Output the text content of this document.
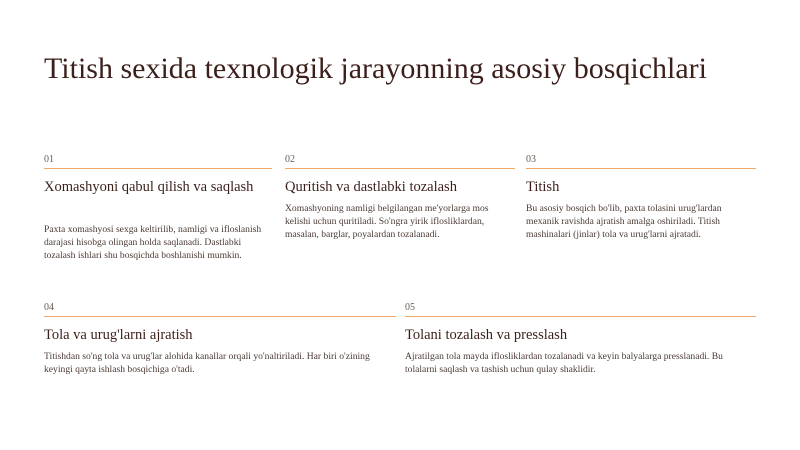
Titish sexida texnologik jarayonning asosiy bosqichlari
01
Xomashyoni qabul qilish va saqlash
Paxta xomashyosi sexga keltirilib, namligi va ifloslanish darajasi hisobga olingan holda saqlanadi. Dastlabki tozalash ishlari shu bosqichda boshlanishi mumkin.
02
Quritish va dastlabki tozalash
Xomashyoning namligi belgilangan me'yorlarga mos kelishi uchun quritiladi. So'ngra yirik iflosliklardan, masalan, barglar, poyalardan tozalanadi.
03
Titish
Bu asosiy bosqich bo'lib, paxta tolasini urug'lardan mexanik ravishda ajratish amalga oshiriladi. Titish mashinalari (jinlar) tola va urug'larni ajratadi.
04
Tola va urug'larni ajratish
Titishdan so'ng tola va urug'lar alohida kanallar orqali yo'naltiriladi. Har biri o'zining keyingi qayta ishlash bosqichiga o'tadi.
05
Tolani tozalash va presslash
Ajratilgan tola mayda iflosliklardan tozalanadi va keyin balyalarga presslanadi. Bu tolalarni saqlash va tashish uchun qulay shaklidir.
